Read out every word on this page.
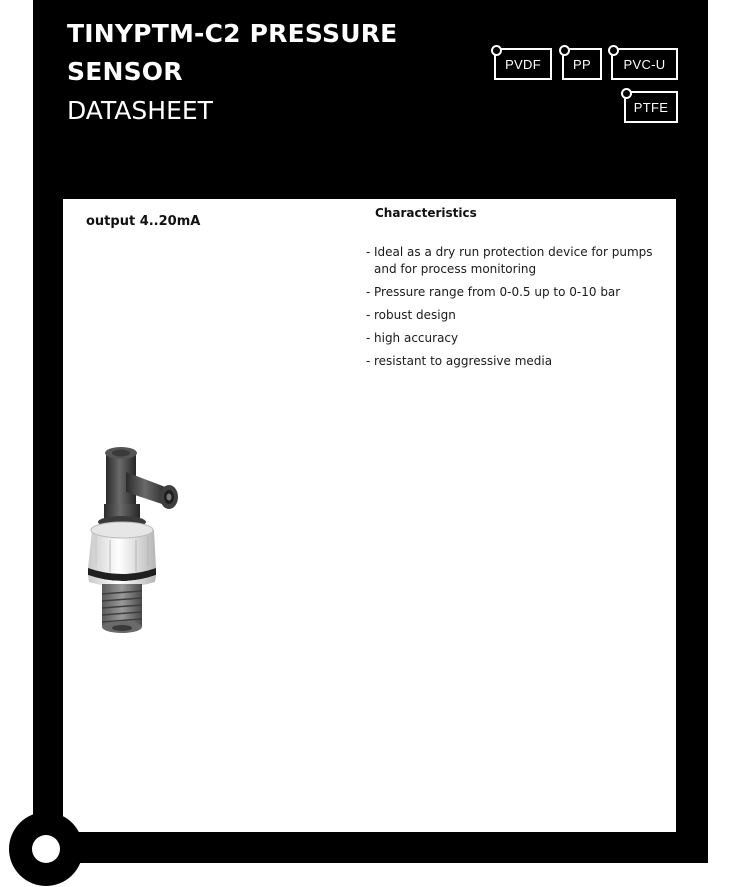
TINYPTM-C2 PRESSURE
SENSOR
DATASHEET
PVDF PP	PVC-U
PTFE
output 4..20mA
Characteristics
- Ideal as a dry run protection device for pumps and for process monitoring
- Pressure range from 0-0.5 up to 0-10 bar
- robust design
- high accuracy
- resistant to aggressive media
